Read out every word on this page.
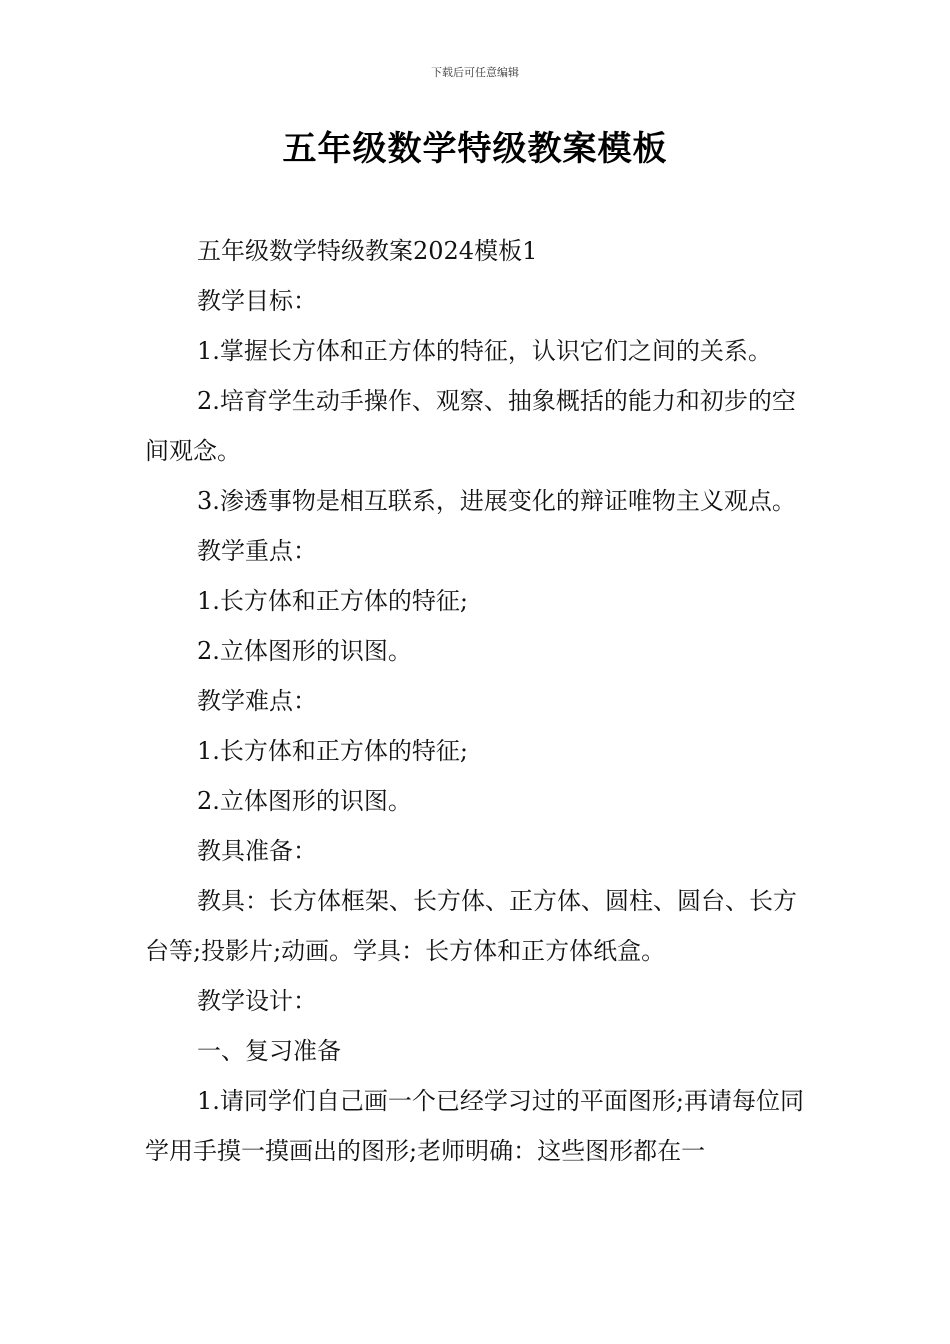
下载后可任意编辑
五年级数学特级教案模板

五年级数学特级教案2024模板1

教学目标：

1.掌握长方体和正方体的特征，认识它们之间的关系。

2.培育学生动手操作、观察、抽象概括的能力和初步的空间观念。

3.渗透事物是相互联系，进展变化的辩证唯物主义观点。

教学重点：

1.长方体和正方体的特征;

2.立体图形的识图。

教学难点：

1.长方体和正方体的特征;

2.立体图形的识图。

教具准备：

教具：长方体框架、长方体、正方体、圆柱、圆台、长方台等;投影片;动画。学具：长方体和正方体纸盒。

教学设计：

一、复习准备

1.请同学们自己画一个已经学习过的平面图形;再请每位同学用手摸一摸画出的图形;老师明确：这些图形都在一
